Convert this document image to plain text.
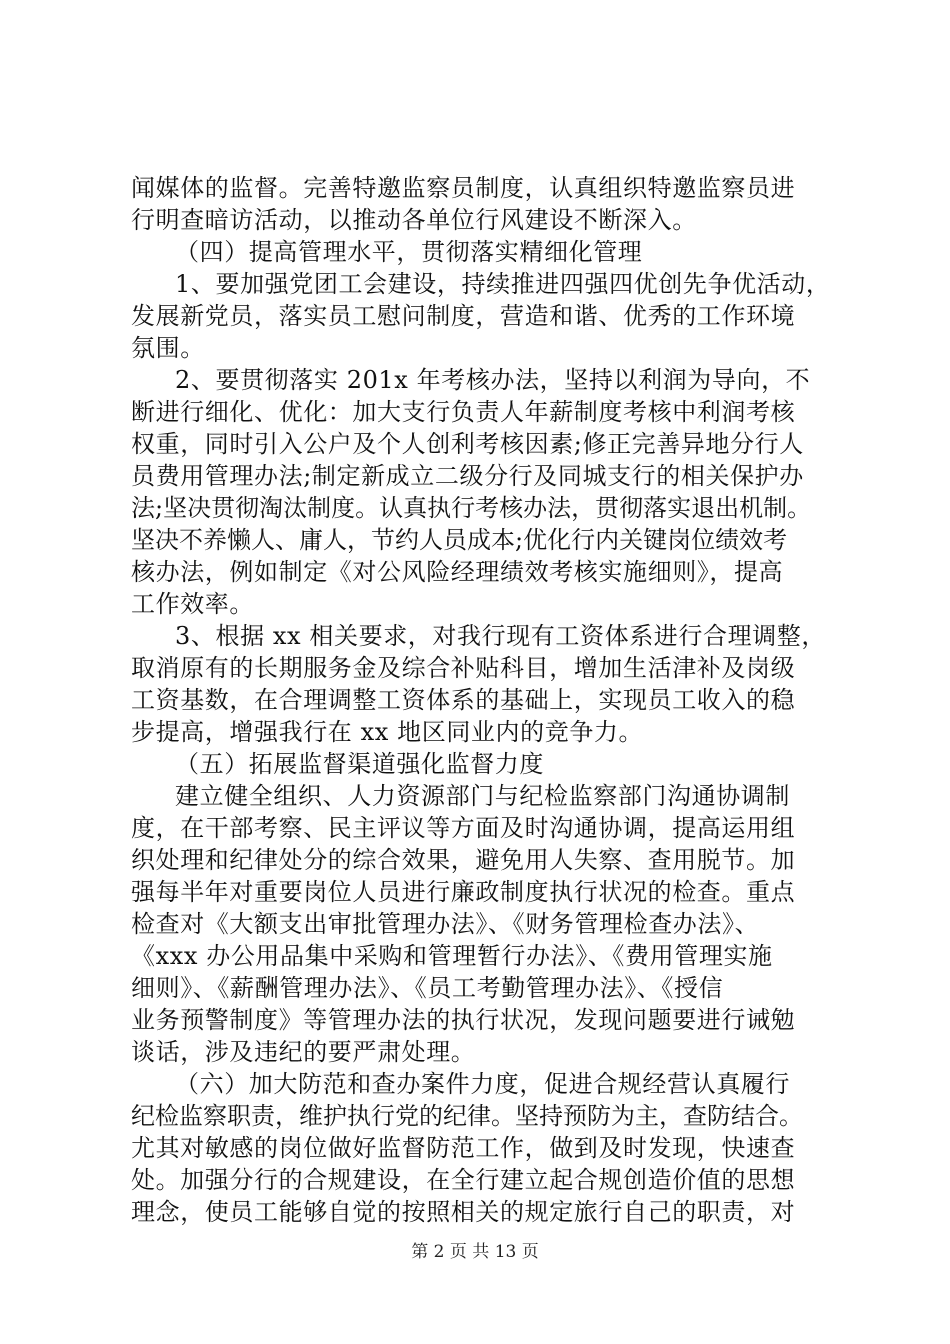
闻媒体的监督。完善特邀监察员制度，认真组织特邀监察员进
行明查暗访活动，以推动各单位行风建设不断深入。
（四）提高管理水平，贯彻落实精细化管理
1、要加强党团工会建设，持续推进四强四优创先争优活动，
发展新党员，落实员工慰问制度，营造和谐、优秀的工作环境
氛围。
2、要贯彻落实 201x 年考核办法，坚持以利润为导向，不
断进行细化、优化：加大支行负责人年薪制度考核中利润考核
权重，同时引入公户及个人创利考核因素;修正完善异地分行人
员费用管理办法;制定新成立二级分行及同城支行的相关保护办
法;坚决贯彻淘汰制度。认真执行考核办法，贯彻落实退出机制。
坚决不养懒人、庸人，节约人员成本;优化行内关键岗位绩效考
核办法，例如制定《对公风险经理绩效考核实施细则》，提高
工作效率。
3、根据 xx 相关要求，对我行现有工资体系进行合理调整，
取消原有的长期服务金及综合补贴科目，增加生活津补及岗级
工资基数，在合理调整工资体系的基础上，实现员工收入的稳
步提高，增强我行在 xx 地区同业内的竞争力。
（五）拓展监督渠道强化监督力度
建立健全组织、人力资源部门与纪检监察部门沟通协调制
度，在干部考察、民主评议等方面及时沟通协调，提高运用组
织处理和纪律处分的综合效果，避免用人失察、查用脱节。加
强每半年对重要岗位人员进行廉政制度执行状况的检查。重点
检查对《大额支出审批管理办法》、《财务管理检查办法》、
《xxx 办公用品集中采购和管理暂行办法》、《费用管理实施
细则》、《薪酬管理办法》、《员工考勤管理办法》、《授信
业务预警制度》等管理办法的执行状况，发现问题要进行诫勉
谈话，涉及违纪的要严肃处理。
（六）加大防范和查办案件力度，促进合规经营认真履行
纪检监察职责，维护执行党的纪律。坚持预防为主，查防结合。
尤其对敏感的岗位做好监督防范工作，做到及时发现，快速查
处。加强分行的合规建设，在全行建立起合规创造价值的思想
理念，使员工能够自觉的按照相关的规定旅行自己的职责，对
第 2 页 共 13 页
